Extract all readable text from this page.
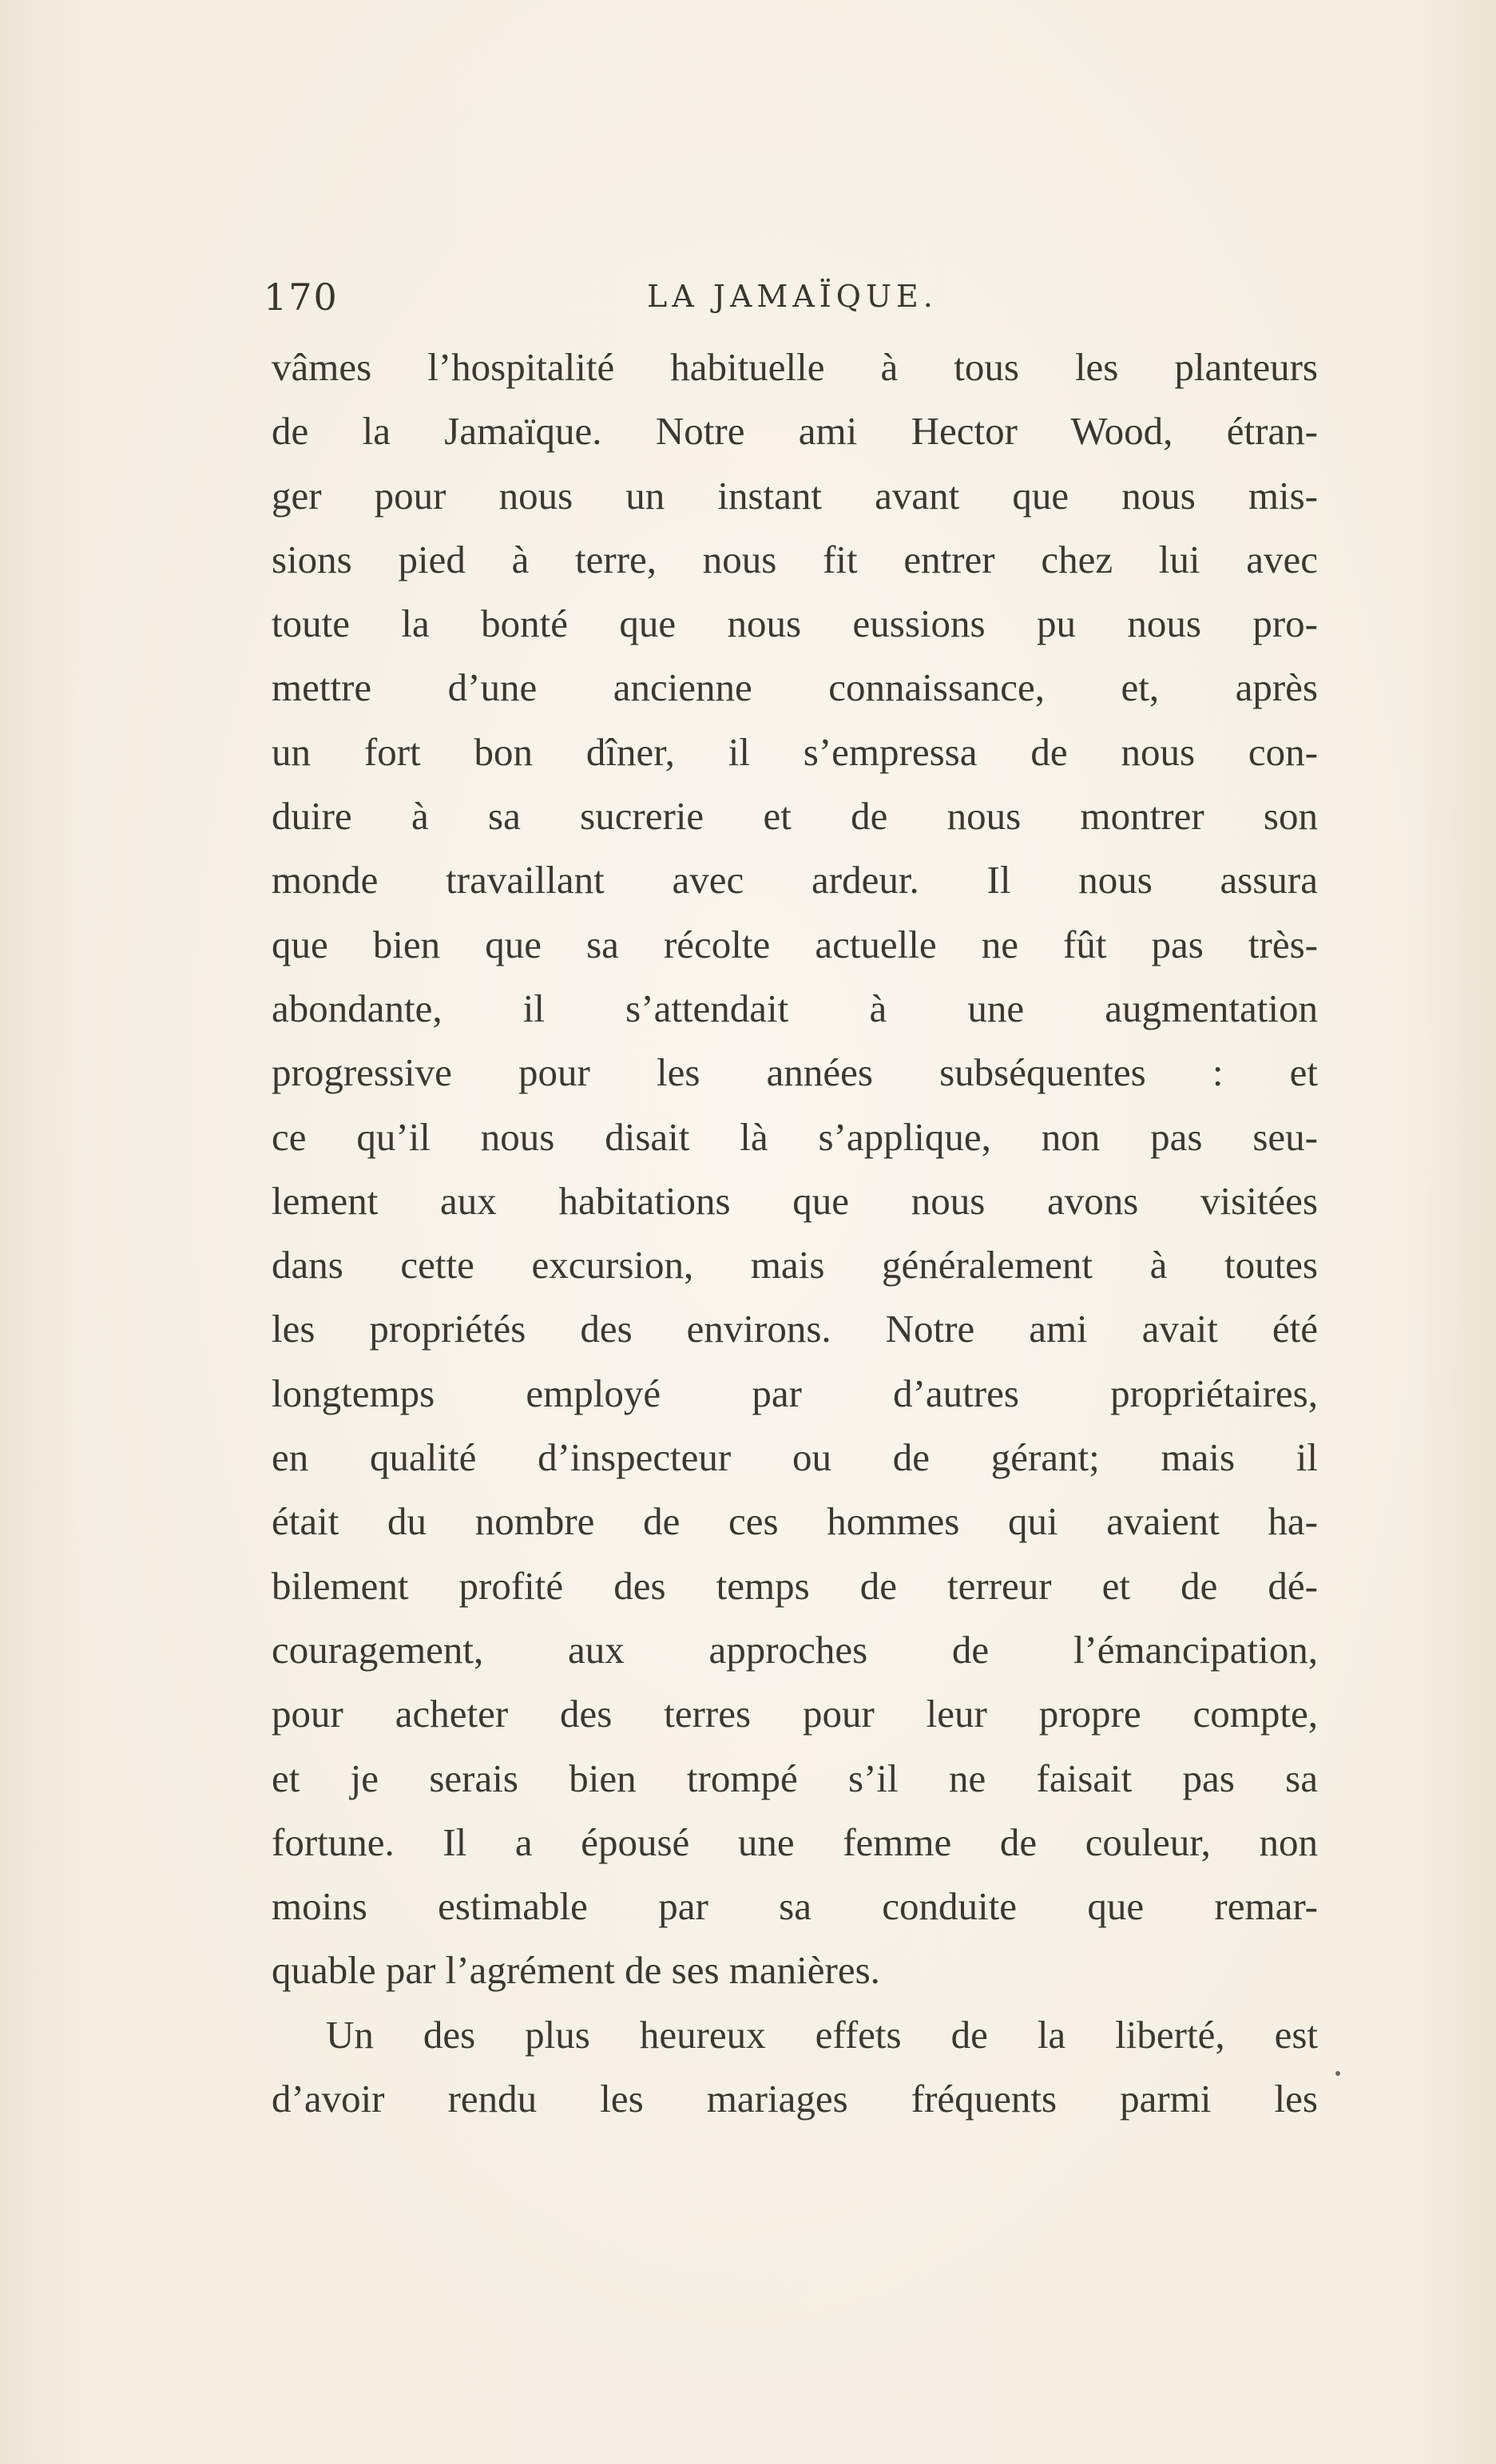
170	LA JAMAÏQUE.
vâmes l’hospitalité habituelle à tous les planteurs
de la Jamaïque. Notre ami Hector Wood, étran-
ger pour nous un instant avant que nous mis-
sions pied à terre, nous fit entrer chez lui avec
toute la bonté que nous eussions pu nous pro-
mettre d’une ancienne connaissance, et, après
un fort bon dîner, il s’empressa de nous con-
duire à sa sucrerie et de nous montrer son
monde travaillant avec ardeur. Il nous assura
que bien que sa récolte actuelle ne fût pas très-
abondante, il s’attendait à une augmentation
progressive pour les années subséquentes : et
ce qu’il nous disait là s’applique, non pas seu-
lement aux habitations que nous avons visitées
dans cette excursion, mais généralement à toutes
les propriétés des environs. Notre ami avait été
longtemps employé par d’autres propriétaires,
en qualité d’inspecteur ou de gérant; mais il
était du nombre de ces hommes qui avaient ha-
bilement profité des temps de terreur et de dé-
couragement, aux approches de l’émancipation,
pour acheter des terres pour leur propre compte,
et je serais bien trompé s’il ne faisait pas sa
fortune. Il a épousé une femme de couleur, non
moins estimable par sa conduite que remar-
quable par l’agrément de ses manières.
Un des plus heureux effets de la liberté, est
d’avoir rendu les mariages fréquents parmi les
